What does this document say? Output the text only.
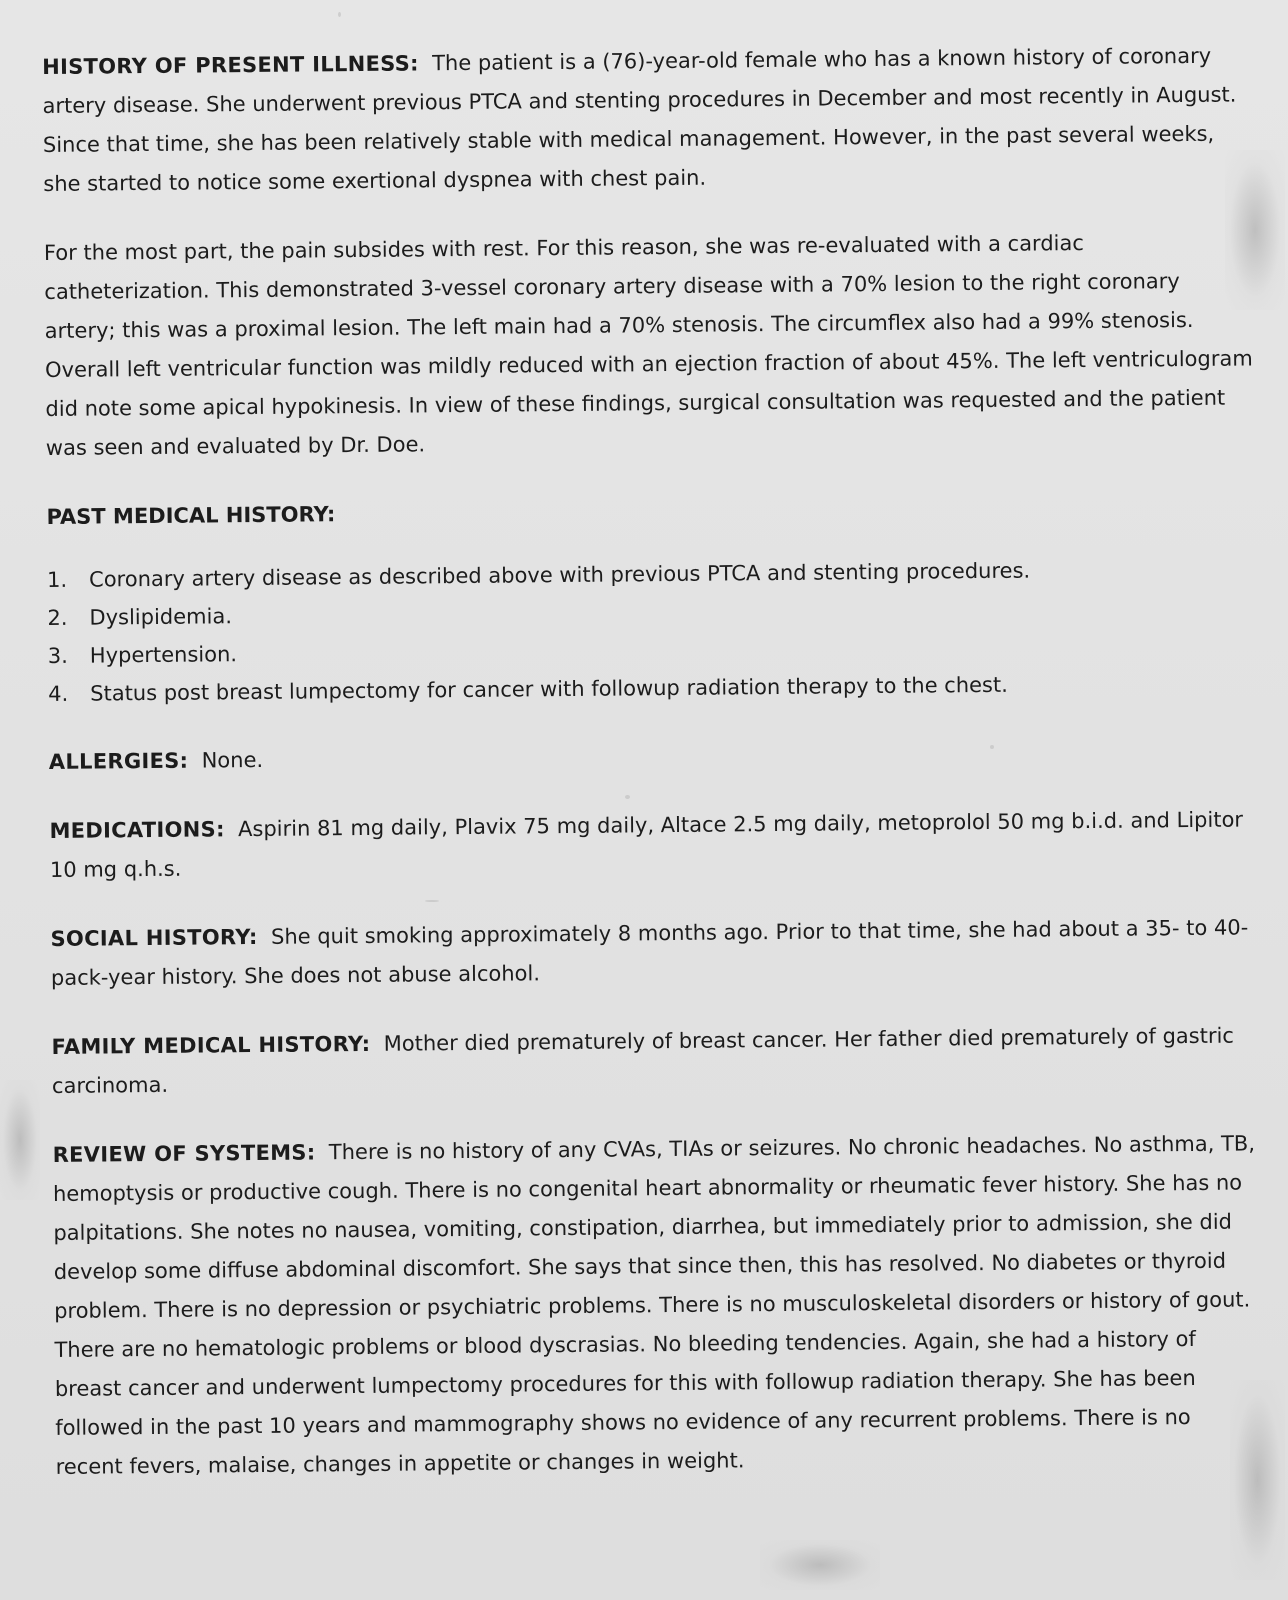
HISTORY OF PRESENT ILLNESS: The patient is a (76)-year-old female who has a known history of coronary artery disease. She underwent previous PTCA and stenting procedures in December and most recently in August. Since that time, she has been relatively stable with medical management. However, in the past several weeks, she started to notice some exertional dyspnea with chest pain.

For the most part, the pain subsides with rest. For this reason, she was re-evaluated with a cardiac catheterization. This demonstrated 3-vessel coronary artery disease with a 70% lesion to the right coronary artery; this was a proximal lesion. The left main had a 70% stenosis. The circumflex also had a 99% stenosis. Overall left ventricular function was mildly reduced with an ejection fraction of about 45%. The left ventriculogram did note some apical hypokinesis. In view of these findings, surgical consultation was requested and the patient was seen and evaluated by Dr. Doe.

PAST MEDICAL HISTORY:

1.	Coronary artery disease as described above with previous PTCA and stenting procedures.
2.	Dyslipidemia.
3.	Hypertension.
4.	Status post breast lumpectomy for cancer with followup radiation therapy to the chest.

ALLERGIES: None.

MEDICATIONS: Aspirin 81 mg daily, Plavix 75 mg daily, Altace 2.5 mg daily, metoprolol 50 mg b.i.d. and Lipitor 10 mg q.h.s.

SOCIAL HISTORY: She quit smoking approximately 8 months ago. Prior to that time, she had about a 35- to 40-pack-year history. She does not abuse alcohol.

FAMILY MEDICAL HISTORY: Mother died prematurely of breast cancer. Her father died prematurely of gastric carcinoma.

REVIEW OF SYSTEMS: There is no history of any CVAs, TIAs or seizures. No chronic headaches. No asthma, TB, hemoptysis or productive cough. There is no congenital heart abnormality or rheumatic fever history. She has no palpitations. She notes no nausea, vomiting, constipation, diarrhea, but immediately prior to admission, she did develop some diffuse abdominal discomfort. She says that since then, this has resolved. No diabetes or thyroid problem. There is no depression or psychiatric problems. There is no musculoskeletal disorders or history of gout. There are no hematologic problems or blood dyscrasias. No bleeding tendencies. Again, she had a history of breast cancer and underwent lumpectomy procedures for this with followup radiation therapy. She has been followed in the past 10 years and mammography shows no evidence of any recurrent problems. There is no recent fevers, malaise, changes in appetite or changes in weight.
